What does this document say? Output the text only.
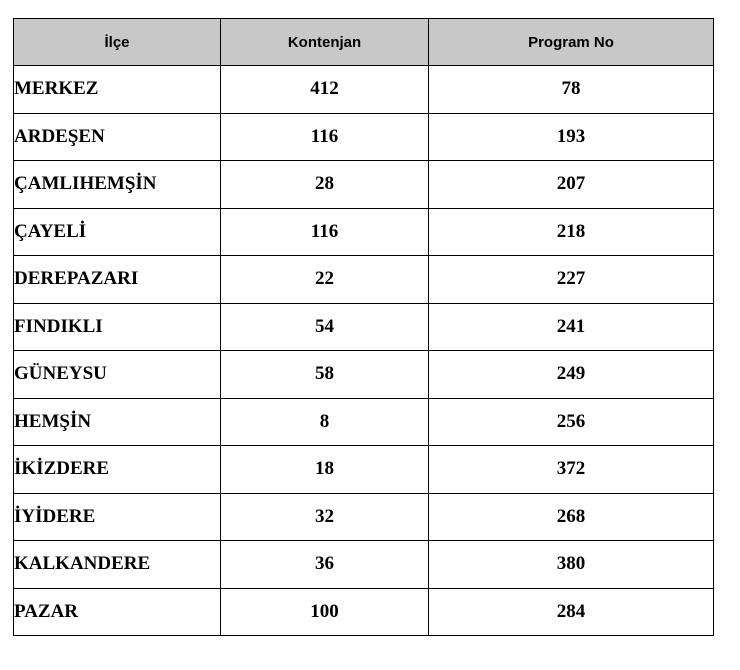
İlçe	Kontenjan	Program No
MERKEZ	412	78
ARDEŞEN	116	193
ÇAMLIHEMŞİN	28	207
ÇAYELİ	116	218
DEREPAZARI	22	227
FINDIKLI	54	241
GÜNEYSU	58	249
HEMŞİN	8	256
İKİZDERE	18	372
İYİDERE	32	268
KALKANDERE	36	380
PAZAR	100	284
